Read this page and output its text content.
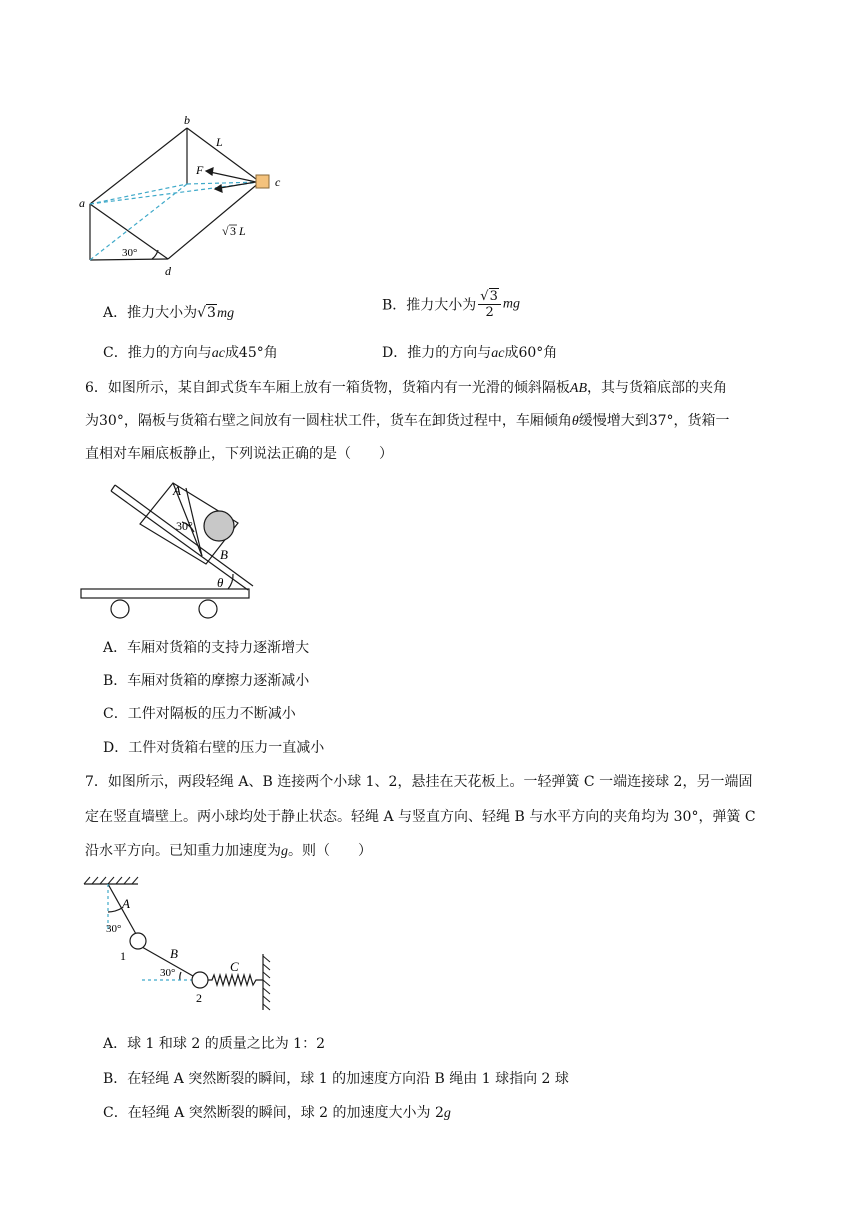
b
L
F
c
a
√ 3 L
30°
d
A．推力大小为√3mg	B．推力大小为 $\frac{√3}{2}$ mg
C．推力的方向与ac成45°角	D．推力的方向与ac成60°角
6．如图所示，某自卸式货车车厢上放有一箱货物，货箱内有一光滑的倾斜隔板AB，其与货箱底部的夹角
为30°，隔板与货箱右壁之间放有一圆柱状工件，货车在卸货过程中，车厢倾角θ缓慢增大到37°，货箱一
直相对车厢底板静止，下列说法正确的是（　　）
A
30°
B
θ
A．车厢对货箱的支持力逐渐增大
B．车厢对货箱的摩擦力逐渐减小
C．工件对隔板的压力不断减小
D．工件对货箱右壁的压力一直减小
7．如图所示，两段轻绳 A、B 连接两个小球 1、2，悬挂在天花板上。一轻弹簧 C 一端连接球 2，另一端固
定在竖直墙壁上。两小球均处于静止状态。轻绳 A 与竖直方向、轻绳 B 与水平方向的夹角均为 30°，弹簧 C
沿水平方向。已知重力加速度为g。则（　　）
A
30°
1	B
30°	C
2
A．球 1 和球 2 的质量之比为 1：2
B．在轻绳 A 突然断裂的瞬间，球 1 的加速度方向沿 B 绳由 1 球指向 2 球
C．在轻绳 A 突然断裂的瞬间，球 2 的加速度大小为 2g
